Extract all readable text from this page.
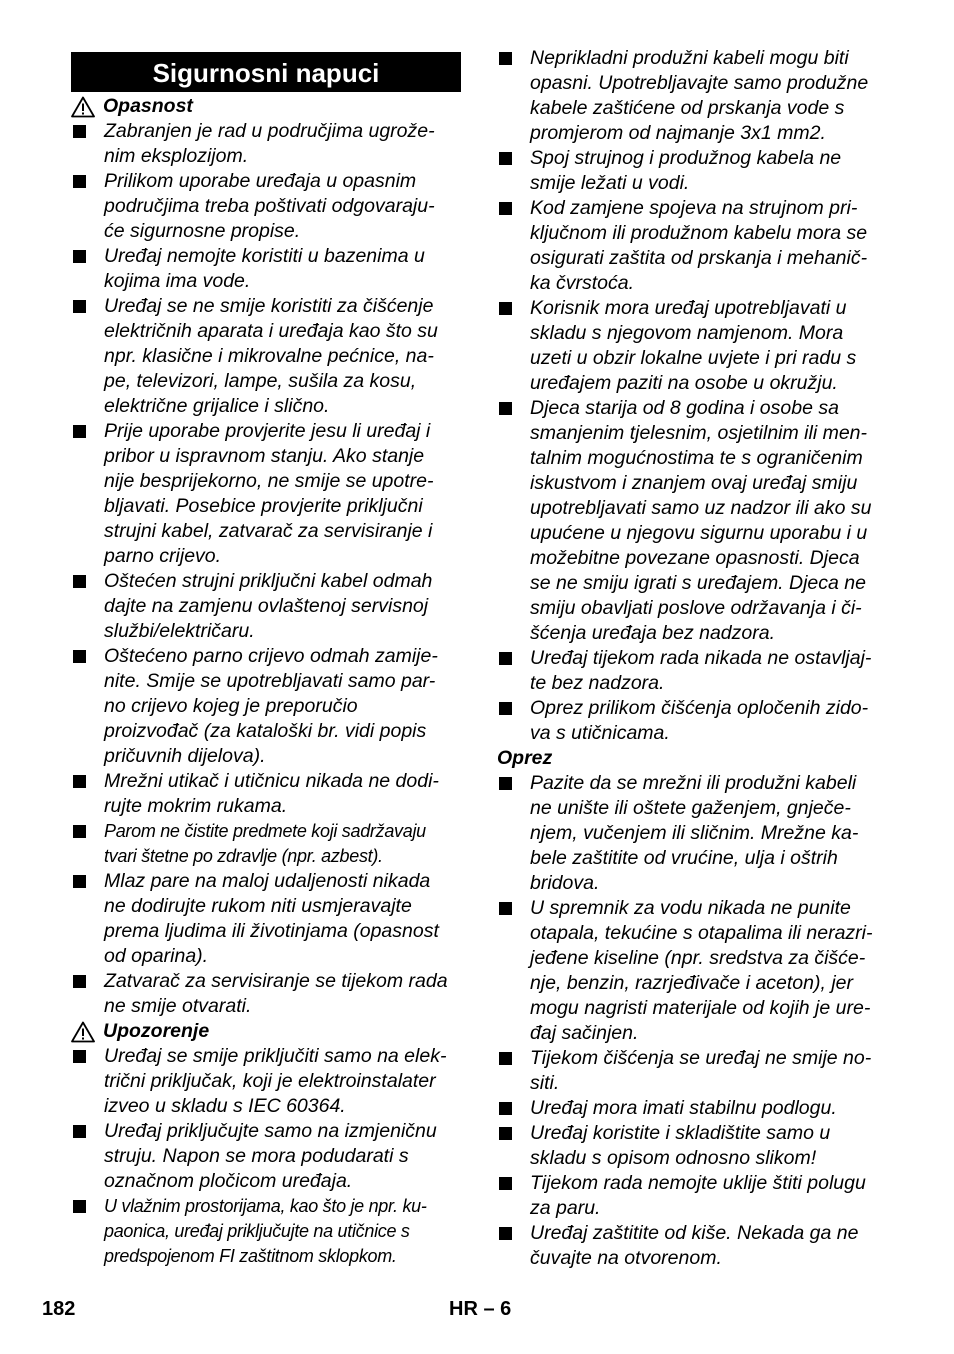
Sigurnosni napuci
Opasnost
Zabranjen je rad u područjima ugrože-
nim eksplozijom.
Prilikom uporabe uređaja u opasnim
područjima treba poštivati odgovaraju-
će sigurnosne propise.
Uređaj nemojte koristiti u bazenima u
kojima ima vode.
Uređaj se ne smije koristiti za čišćenje
električnih aparata i uređaja kao što su
npr. klasične i mikrovalne pećnice, na-
pe, televizori, lampe, sušila za kosu,
električne grijalice i slično.
Prije uporabe provjerite jesu li uređaj i
pribor u ispravnom stanju. Ako stanje
nije besprijekorno, ne smije se upotre-
bljavati. Posebice provjerite priključni
strujni kabel, zatvarač za servisiranje i
parno crijevo.
Oštećen strujni priključni kabel odmah
dajte na zamjenu ovlaštenoj servisnoj
službi/električaru.
Oštećeno parno crijevo odmah zamije-
nite. Smije se upotrebljavati samo par-
no crijevo kojeg je preporučio
proizvođač (za kataloški br. vidi popis
pričuvnih dijelova).
Mrežni utikač i utičnicu nikada ne dodi-
rujte mokrim rukama.
Parom ne čistite predmete koji sadržavaju
tvari štetne po zdravlje (npr. azbest).
Mlaz pare na maloj udaljenosti nikada
ne dodirujte rukom niti usmjeravajte
prema ljudima ili životinjama (opasnost
od oparina).
Zatvarač za servisiranje se tijekom rada
ne smije otvarati.
Upozorenje
Uređaj se smije priključiti samo na elek-
trični priključak, koji je elektroinstalater
izveo u skladu s IEC 60364.
Uređaj priključujte samo na izmjeničnu
struju. Napon se mora podudarati s
označnom pločicom uređaja.
U vlažnim prostorijama, kao što je npr. ku-
paonica, uređaj priključujte na utičnice s
predspojenom FI zaštitnom sklopkom.
Neprikladni produžni kabeli mogu biti
opasni. Upotrebljavajte samo produžne
kabele zaštićene od prskanja vode s
promjerom od najmanje 3x1 mm2.
Spoj strujnog i produžnog kabela ne
smije ležati u vodi.
Kod zamjene spojeva na strujnom pri-
ključnom ili produžnom kabelu mora se
osigurati zaštita od prskanja i mehanič-
ka čvrstoća.
Korisnik mora uređaj upotrebljavati u
skladu s njegovom namjenom. Mora
uzeti u obzir lokalne uvjete i pri radu s
uređajem paziti na osobe u okružju.
Djeca starija od 8 godina i osobe sa
smanjenim tjelesnim, osjetilnim ili men-
talnim mogućnostima te s ograničenim
iskustvom i znanjem ovaj uređaj smiju
upotrebljavati samo uz nadzor ili ako su
upućene u njegovu sigurnu uporabu i u
možebitne povezane opasnosti. Djeca
se ne smiju igrati s uređajem. Djeca ne
smiju obavljati poslove održavanja i či-
šćenja uređaja bez nadzora.
Uređaj tijekom rada nikada ne ostavljaj-
te bez nadzora.
Oprez prilikom čišćenja opločenih zido-
va s utičnicama.
Oprez
Pazite da se mrežni ili produžni kabeli
ne unište ili oštete gaženjem, gnječe-
njem, vučenjem ili sličnim. Mrežne ka-
bele zaštitite od vrućine, ulja i oštrih
bridova.
U spremnik za vodu nikada ne punite
otapala, tekućine s otapalima ili nerazri-
jeđene kiseline (npr. sredstva za čišće-
nje, benzin, razrjeđivače i aceton), jer
mogu nagristi materijale od kojih je ure-
đaj sačinjen.
Tijekom čišćenja se uređaj ne smije no-
siti.
Uređaj mora imati stabilnu podlogu.
Uređaj koristite i skladištite samo u
skladu s opisom odnosno slikom!
Tijekom rada nemojte uklije štiti polugu
za paru.
Uređaj zaštitite od kiše. Nekada ga ne
čuvajte na otvorenom.
182	HR – 6
